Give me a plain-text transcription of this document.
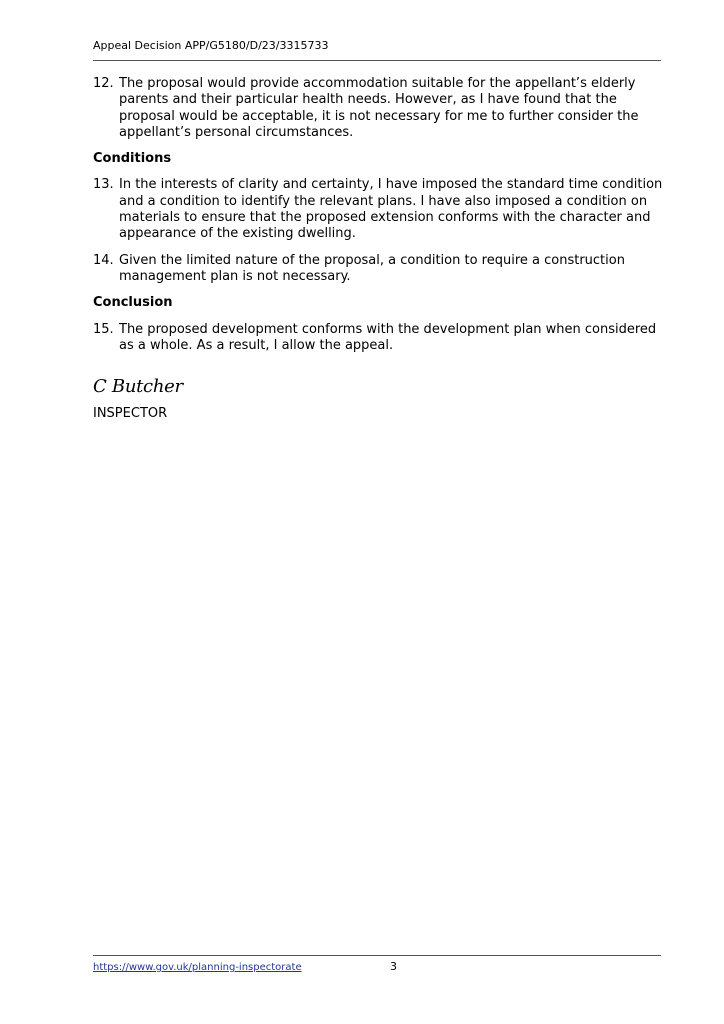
Appeal Decision APP/G5180/D/23/3315733
12. The proposal would provide accommodation suitable for the appellant’s elderly parents and their particular health needs. However, as I have found that the proposal would be acceptable, it is not necessary for me to further consider the appellant’s personal circumstances.
Conditions
13. In the interests of clarity and certainty, I have imposed the standard time condition and a condition to identify the relevant plans. I have also imposed a condition on materials to ensure that the proposed extension conforms with the character and appearance of the existing dwelling.
14. Given the limited nature of the proposal, a condition to require a construction management plan is not necessary.
Conclusion
15. The proposed development conforms with the development plan when considered as a whole. As a result, I allow the appeal.
C Butcher
INSPECTOR
https://www.gov.uk/planning-inspectorate	3
